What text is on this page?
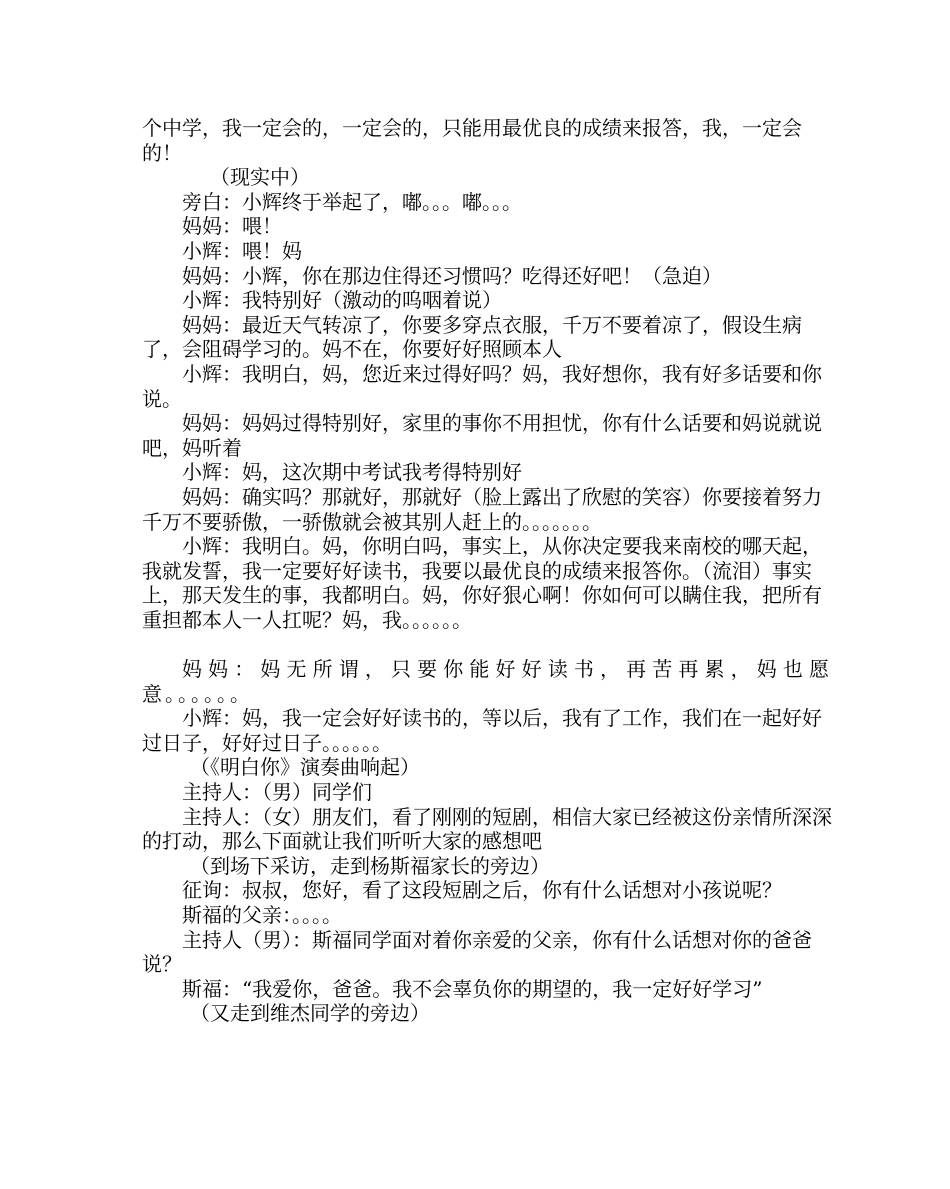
个中学，我一定会的，一定会的，只能用最优良的成绩来报答，我，一定会的！

（现实中）

旁白：小辉终于举起了，嘟。。。嘟。。。

妈妈：喂！

小辉：喂！妈

妈妈：小辉，你在那边住得还习惯吗？吃得还好吧！（急迫）

小辉：我特别好（激动的呜咽着说）

妈妈：最近天气转凉了，你要多穿点衣服，千万不要着凉了，假设生病了，会阻碍学习的。妈不在，你要好好照顾本人

小辉：我明白，妈，您近来过得好吗？妈，我好想你，我有好多话要和你说。

妈妈：妈妈过得特别好，家里的事你不用担忧，你有什么话要和妈说就说吧，妈听着

小辉：妈，这次期中考试我考得特别好

妈妈：确实吗？那就好，那就好（脸上露出了欣慰的笑容）你要接着努力千万不要骄傲，一骄傲就会被其别人赶上的。。。。。。。

小辉：我明白。妈，你明白吗，事实上，从你决定要我来南校的哪天起，我就发誓，我一定要好好读书，我要以最优良的成绩来报答你。（流泪）事实上，那天发生的事，我都明白。妈，你好狠心啊！你如何可以瞒住我，把所有重担都本人一人扛呢？妈，我。。。。。。

妈妈：妈无所谓，只要你能好好读书，再苦再累，妈也愿意。。。。。。

小辉：妈，我一定会好好读书的，等以后，我有了工作，我们在一起好好过日子，好好过日子。。。。。。

（《明白你》演奏曲响起）

主持人：（男）同学们

主持人：（女）朋友们，看了刚刚的短剧，相信大家已经被这份亲情所深深的打动，那么下面就让我们听听大家的感想吧

（到场下采访，走到杨斯福家长的旁边）

征询：叔叔，您好，看了这段短剧之后，你有什么话想对小孩说呢？

斯福的父亲：。。。。

主持人（男）：斯福同学面对着你亲爱的父亲，你有什么话想对你的爸爸说？

斯福：“我爱你，爸爸。我不会辜负你的期望的，我一定好好学习”

（又走到维杰同学的旁边）
